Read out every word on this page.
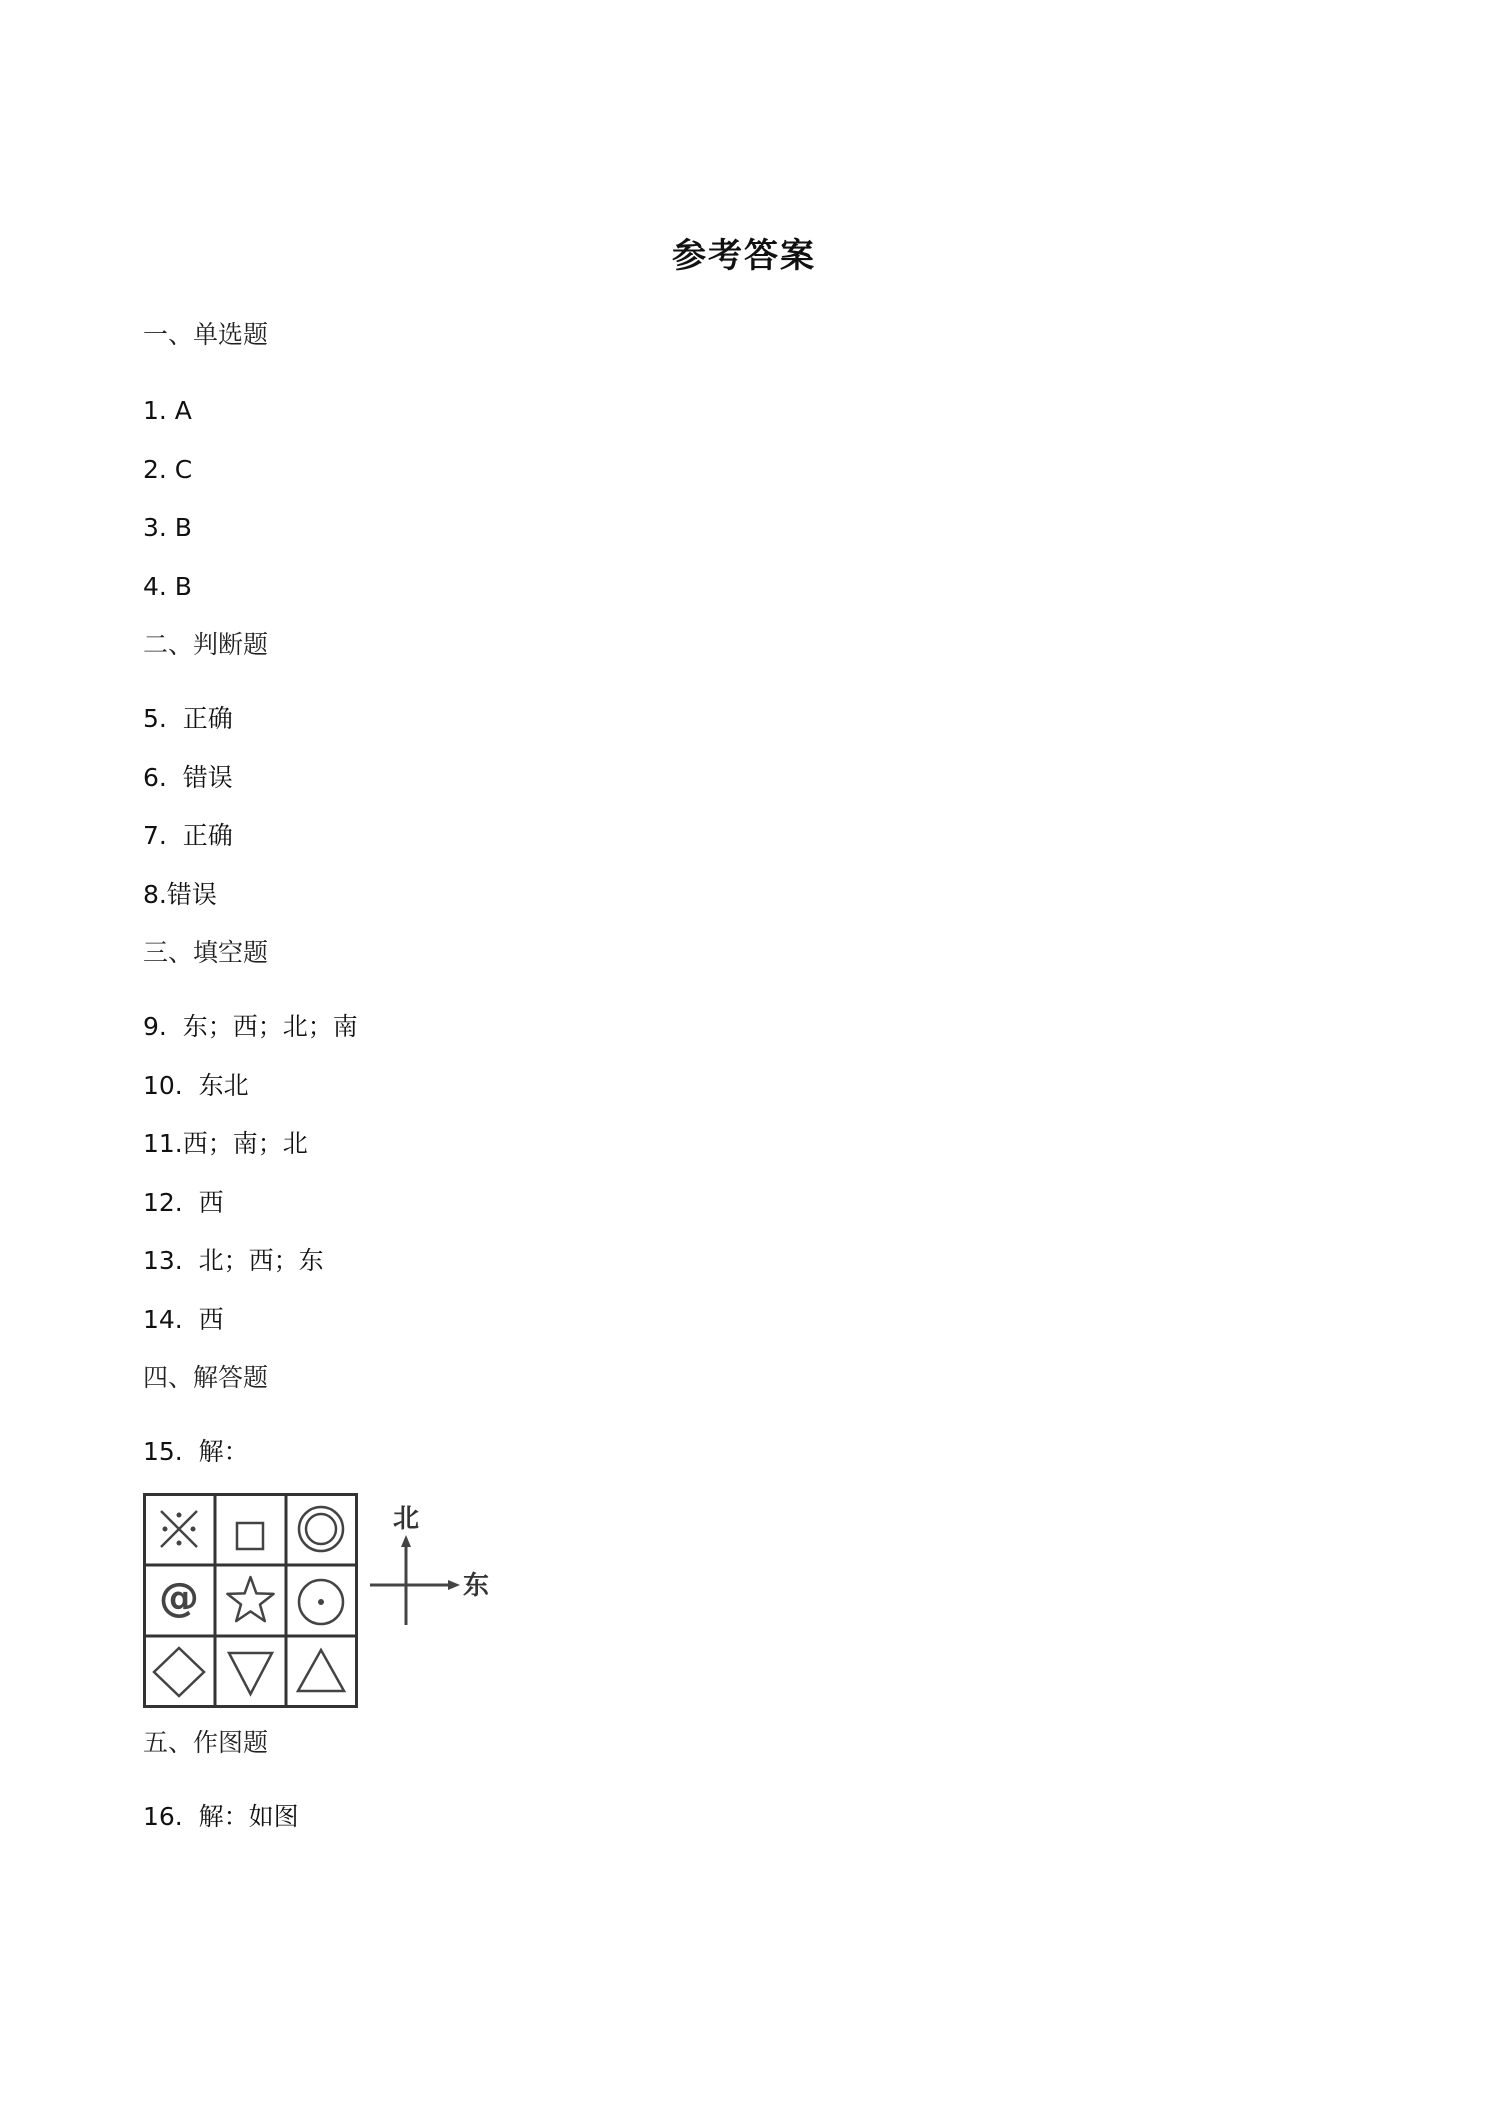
参考答案
一、单选题
1. A
2. C
3. B
4. B
二、判断题
5.  正确
6.  错误
7.  正确
8.错误
三、填空题
9.  东；西；北；南
10.  东北
11.西；南；北
12.  西
13.  北；西；东
14.  西
四、解答题
15.  解：
@
北
东
五、作图题
16.  解：如图
